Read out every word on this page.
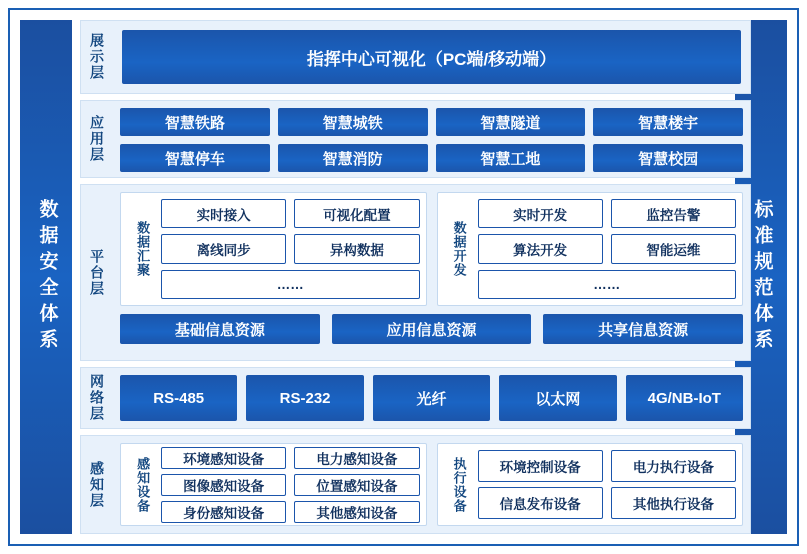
数据安全体系	标准规范体系
展示层	指挥中心可视化（PC端/移动端）
应用层	智慧铁路	智慧城铁	智慧隧道	智慧楼宇
智慧停车	智慧消防	智慧工地	智慧校园
平台层 数据汇聚
实时接入	可视化配置
离线同步	异构数据
……
数据开发
实时开发	监控告警
算法开发	智能运维
……
基础信息资源	应用信息资源	共享信息资源
网络层	RS-485	RS-232	光纤	以太网	4G/NB-IoT
感知层 感知设备	环境感知设备	电力感知设备
图像感知设备	位置感知设备
身份感知设备	其他感知设备
执行设备	环境控制设备	电力执行设备
信息发布设备	其他执行设备
